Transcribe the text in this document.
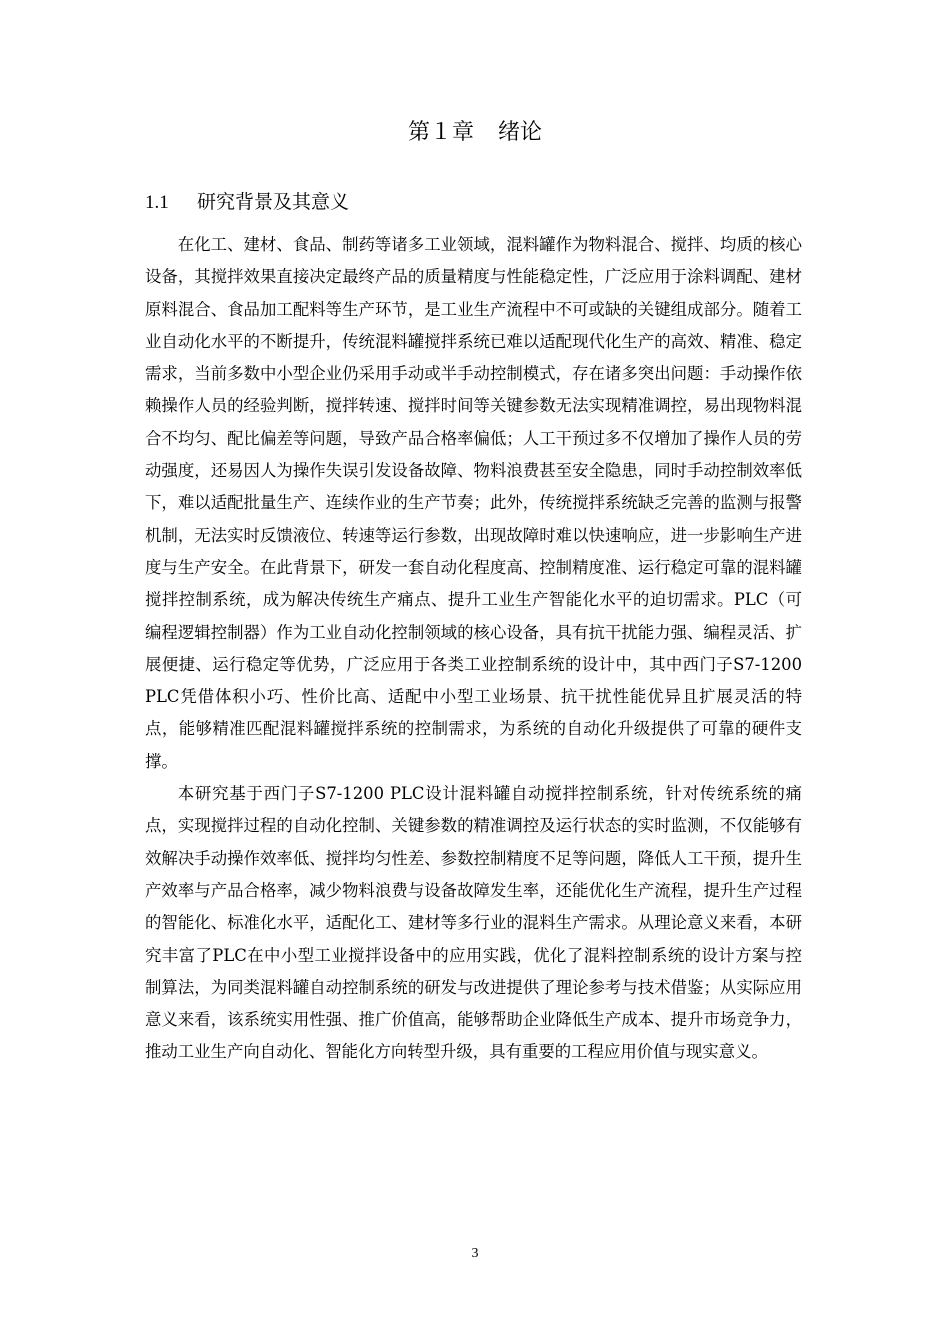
第１章 绪论
1.1 研究背景及其意义

在化工、建材、食品、制药等诸多工业领域，混料罐作为物料混合、搅拌、均质的核心设备，其搅拌效果直接决定最终产品的质量精度与性能稳定性，广泛应用于涂料调配、建材原料混合、食品加工配料等生产环节，是工业生产流程中不可或缺的关键组成部分。随着工业自动化水平的不断提升，传统混料罐搅拌系统已难以适配现代化生产的高效、精准、稳定需求，当前多数中小型企业仍采用手动或半手动控制模式，存在诸多突出问题：手动操作依赖操作人员的经验判断，搅拌转速、搅拌时间等关键参数无法实现精准调控，易出现物料混合不均匀、配比偏差等问题，导致产品合格率偏低；人工干预过多不仅增加了操作人员的劳动强度，还易因人为操作失误引发设备故障、物料浪费甚至安全隐患，同时手动控制效率低下，难以适配批量生产、连续作业的生产节奏；此外，传统搅拌系统缺乏完善的监测与报警机制，无法实时反馈液位、转速等运行参数，出现故障时难以快速响应，进一步影响生产进度与生产安全。在此背景下，研发一套自动化程度高、控制精度准、运行稳定可靠的混料罐搅拌控制系统，成为解决传统生产痛点、提升工业生产智能化水平的迫切需求。PLC（可编程逻辑控制器）作为工业自动化控制领域的核心设备，具有抗干扰能力强、编程灵活、扩展便捷、运行稳定等优势，广泛应用于各类工业控制系统的设计中，其中西门子S7-1200 PLC凭借体积小巧、性价比高、适配中小型工业场景、抗干扰性能优异且扩展灵活的特点，能够精准匹配混料罐搅拌系统的控制需求，为系统的自动化升级提供了可靠的硬件支撑。

本研究基于西门子S7-1200 PLC设计混料罐自动搅拌控制系统，针对传统系统的痛点，实现搅拌过程的自动化控制、关键参数的精准调控及运行状态的实时监测，不仅能够有效解决手动操作效率低、搅拌均匀性差、参数控制精度不足等问题，降低人工干预，提升生产效率与产品合格率，减少物料浪费与设备故障发生率，还能优化生产流程，提升生产过程的智能化、标准化水平，适配化工、建材等多行业的混料生产需求。从理论意义来看，本研究丰富了PLC在中小型工业搅拌设备中的应用实践，优化了混料控制系统的设计方案与控制算法，为同类混料罐自动控制系统的研发与改进提供了理论参考与技术借鉴；从实际应用意义来看，该系统实用性强、推广价值高，能够帮助企业降低生产成本、提升市场竞争力，推动工业生产向自动化、智能化方向转型升级，具有重要的工程应用价值与现实意义。

3
